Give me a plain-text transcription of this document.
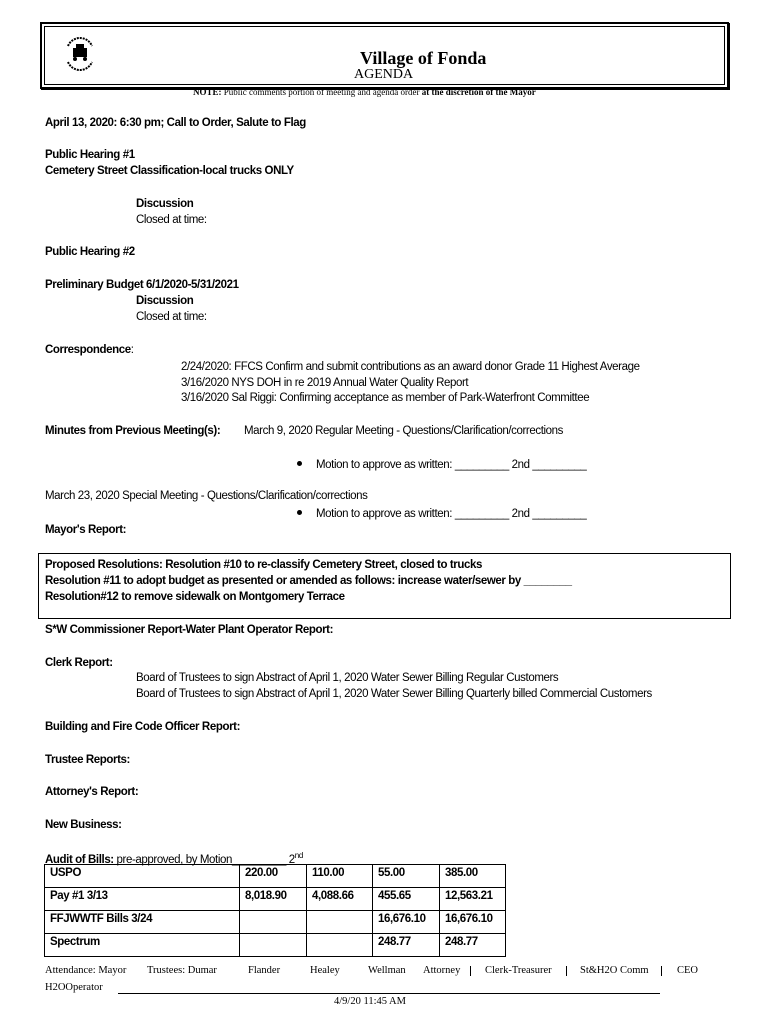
Village of Fonda
AGENDA
NOTE: Public comments portion of meeting and agenda order at the discretion of the Mayor
April 13, 2020: 6:30 pm; Call to Order, Salute to Flag
Public Hearing #1
Cemetery Street Classification-local trucks ONLY
Discussion
Closed at time:
Public Hearing #2
Preliminary Budget 6/1/2020-5/31/2021
Discussion
Closed at time:
Correspondence:
2/24/2020: FFCS Confirm and submit contributions as an award donor Grade 11 Highest Average
3/16/2020 NYS DOH in re 2019 Annual Water Quality Report
3/16/2020 Sal Riggi: Confirming acceptance as member of Park-Waterfront Committee
Minutes from Previous Meeting(s): March 9, 2020 Regular Meeting - Questions/Clarification/corrections
Motion to approve as written: _________ 2nd _________
March 23, 2020 Special Meeting - Questions/Clarification/corrections
Motion to approve as written: _________ 2nd _________
Mayor's Report:
Proposed Resolutions: Resolution #10 to re-classify Cemetery Street, closed to trucks
Resolution #11 to adopt budget as presented or amended as follows: increase water/sewer by ________
Resolution#12 to remove sidewalk on Montgomery Terrace
S*W Commissioner Report-Water Plant Operator Report:
Clerk Report:
Board of Trustees to sign Abstract of April 1, 2020 Water Sewer Billing Regular Customers
Board of Trustees to sign Abstract of April 1, 2020 Water Sewer Billing Quarterly billed Commercial Customers
Building and Fire Code Officer Report:
Trustee Reports:
Attorney's Report:
New Business:
Audit of Bills: pre-approved, by Motion_________ 2nd
USPO	220.00	110.00	55.00	385.00
Pay #1 3/13	8,018.90	4,088.66	455.65	12,563.21
FFJWWTF Bills 3/24			16,676.10	16,676.10
Spectrum			248.77	248.77
Attendance: Mayor Trustees: Dumar	Flander	Healey	Wellman Attorney Clerk-Treasurer	St&H2O Comm	CEO
H2OOperator
4/9/20 11:45 AM
